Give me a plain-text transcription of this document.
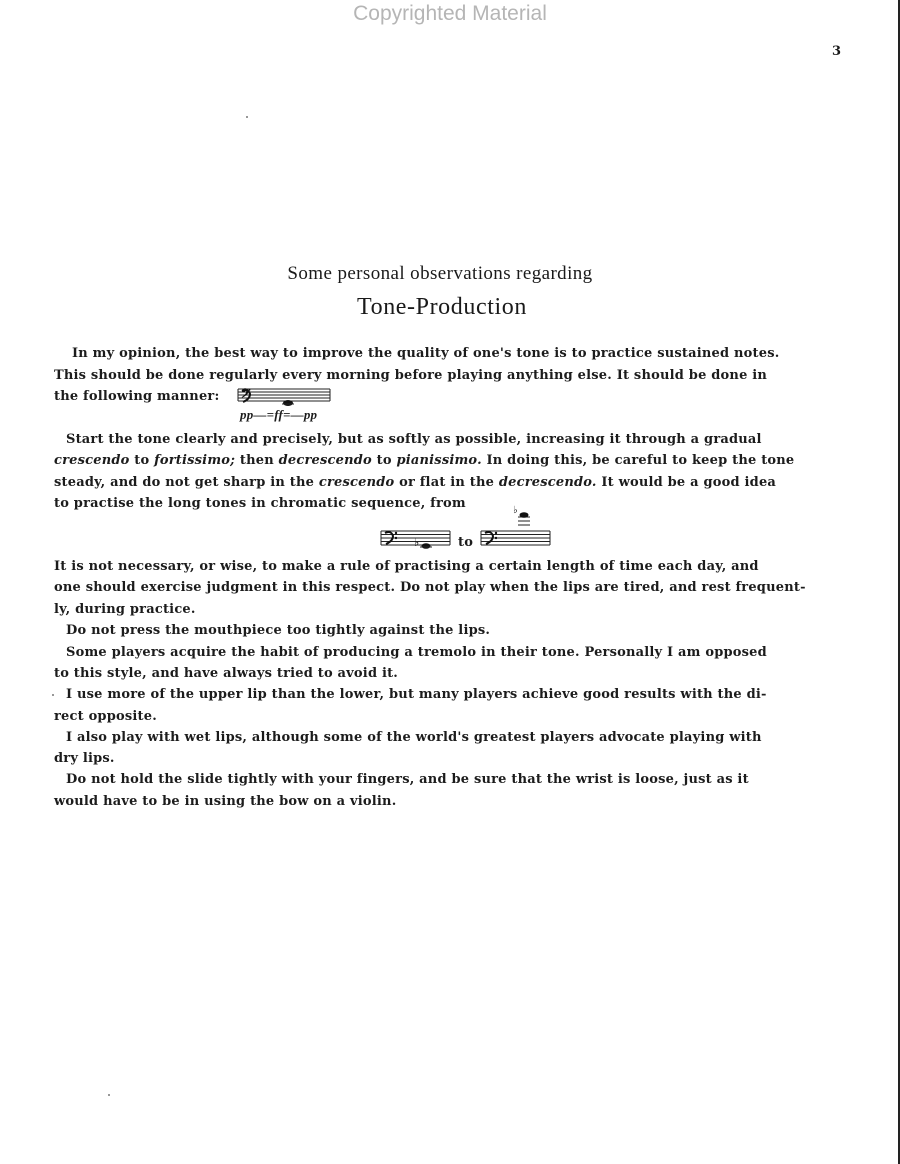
Copyrighted Material
3
Some personal observations regarding
Tone-Production
In my opinion, the best way to improve the quality of one's tone is to practice sustained notes.
This should be done regularly every morning before playing anything else. It should be done in
the following manner: 𝄢
pp—=ff=—pp
Start the tone clearly and precisely, but as softly as possible, increasing it through a gradual
crescendo to fortissimo; then decrescendo to pianissimo. In doing this, be careful to keep the tone
steady, and do not get sharp in the crescendo or flat in the decrescendo. It would be a good idea
to practise the long tones in chromatic sequence, from
♭	to
♭
It is not necessary, or wise, to make a rule of practising a certain length of time each day, and
one should exercise judgment in this respect. Do not play when the lips are tired, and rest frequent-
ly, during practice.
Do not press the mouthpiece too tightly against the lips.
Some players acquire the habit of producing a tremolo in their tone. Personally I am opposed
to this style, and have always tried to avoid it.
I use more of the upper lip than the lower, but many players achieve good results with the di-
rect opposite.
I also play with wet lips, although some of the world's greatest players advocate playing with
dry lips.
Do not hold the slide tightly with your fingers, and be sure that the wrist is loose, just as it
would have to be in using the bow on a violin.
